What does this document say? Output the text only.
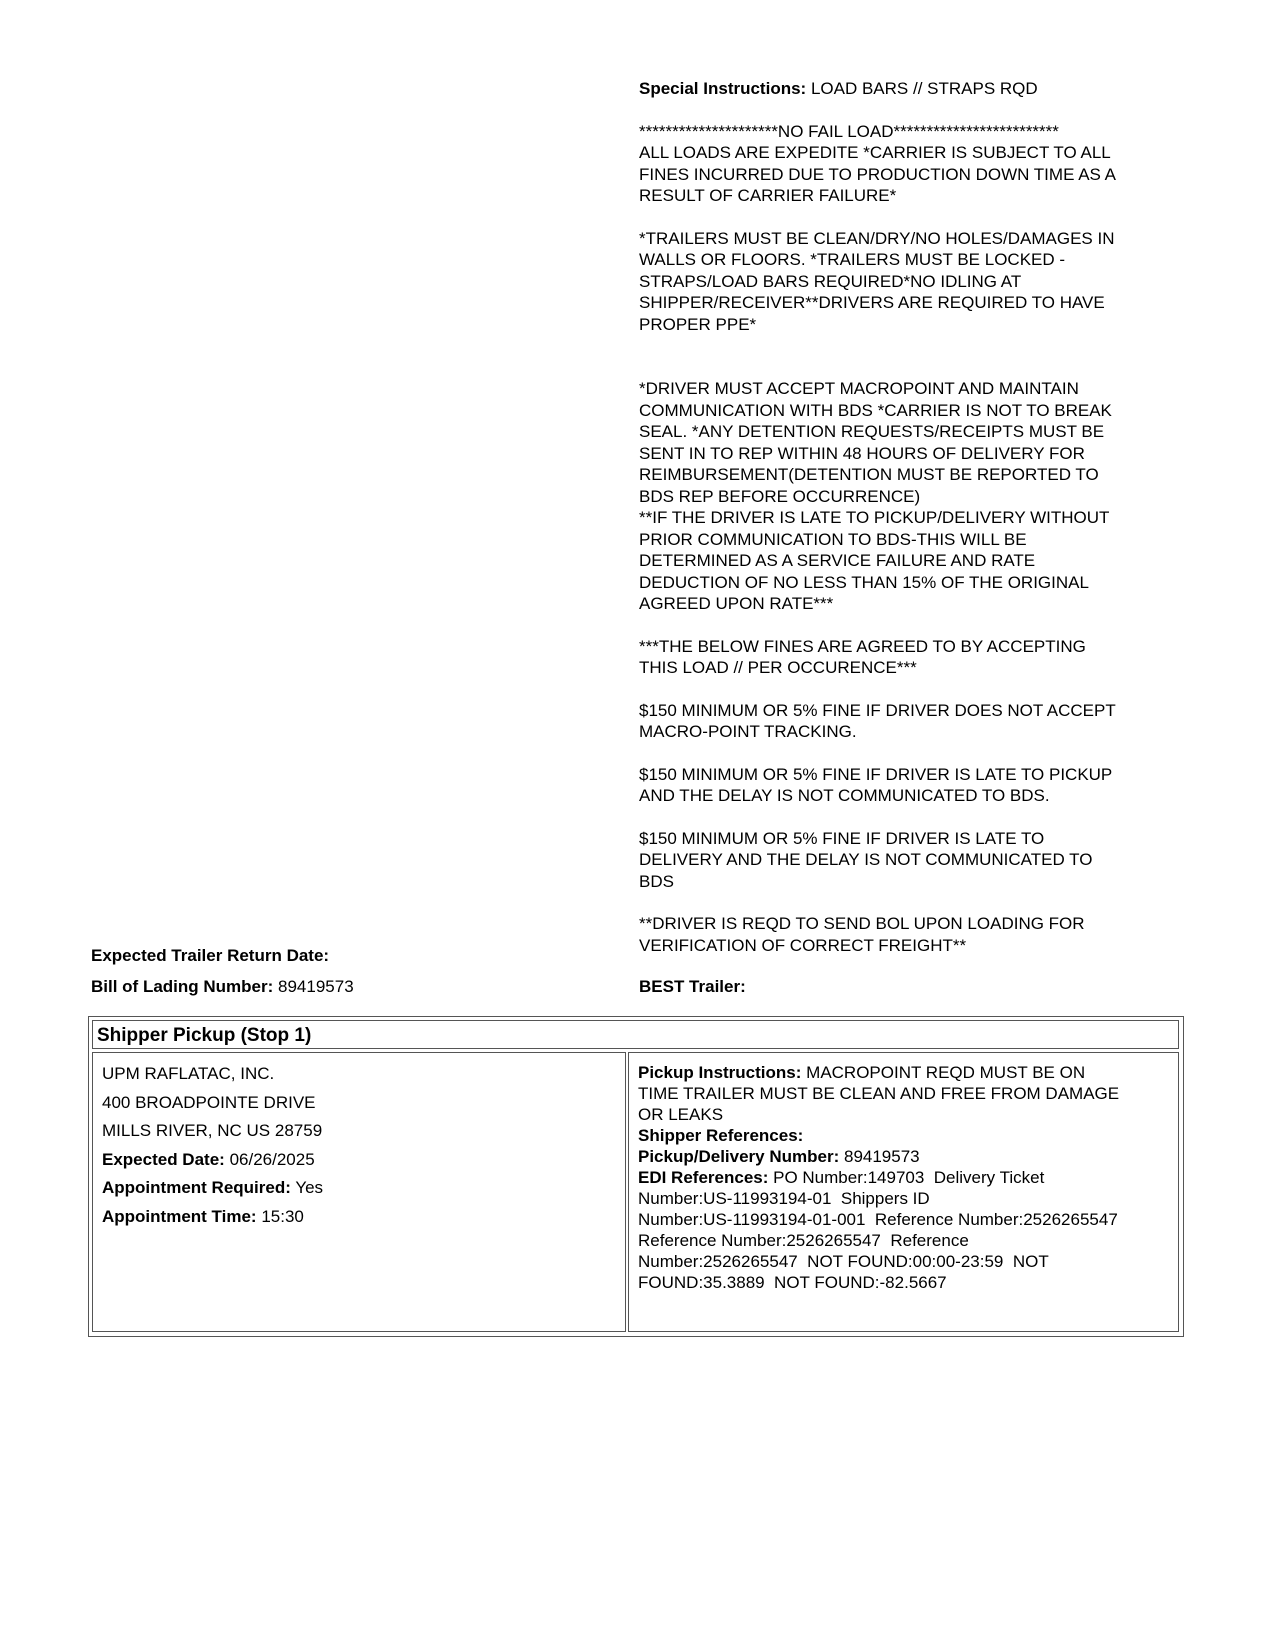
Special Instructions: LOAD BARS // STRAPS RQD

*********************NO FAIL LOAD*************************

ALL LOADS ARE EXPEDITE *CARRIER IS SUBJECT TO ALL

FINES INCURRED DUE TO PRODUCTION DOWN TIME AS A

RESULT OF CARRIER FAILURE*

*TRAILERS MUST BE CLEAN/DRY/NO HOLES/DAMAGES IN

WALLS OR FLOORS. *TRAILERS MUST BE LOCKED -

STRAPS/LOAD BARS REQUIRED*NO IDLING AT

SHIPPER/RECEIVER**DRIVERS ARE REQUIRED TO HAVE

PROPER PPE*

*DRIVER MUST ACCEPT MACROPOINT AND MAINTAIN

COMMUNICATION WITH BDS *CARRIER IS NOT TO BREAK

SEAL. *ANY DETENTION REQUESTS/RECEIPTS MUST BE

SENT IN TO REP WITHIN 48 HOURS OF DELIVERY FOR

REIMBURSEMENT(DETENTION MUST BE REPORTED TO

BDS REP BEFORE OCCURRENCE)

**IF THE DRIVER IS LATE TO PICKUP/DELIVERY WITHOUT

PRIOR COMMUNICATION TO BDS-THIS WILL BE

DETERMINED AS A SERVICE FAILURE AND RATE

DEDUCTION OF NO LESS THAN 15% OF THE ORIGINAL

AGREED UPON RATE***

***THE BELOW FINES ARE AGREED TO BY ACCEPTING

THIS LOAD // PER OCCURENCE***

$150 MINIMUM OR 5% FINE IF DRIVER DOES NOT ACCEPT

MACRO-POINT TRACKING.

$150 MINIMUM OR 5% FINE IF DRIVER IS LATE TO PICKUP

AND THE DELAY IS NOT COMMUNICATED TO BDS.

$150 MINIMUM OR 5% FINE IF DRIVER IS LATE TO

DELIVERY AND THE DELAY IS NOT COMMUNICATED TO

BDS

**DRIVER IS REQD TO SEND BOL UPON LOADING FOR

VERIFICATION OF CORRECT FREIGHT**

Expected Trailer Return Date:
Bill of Lading Number: 89419573	BEST Trailer:
Shipper Pickup (Stop 1)
UPM RAFLATAC, INC.
400 BROADPOINTE DRIVE
MILLS RIVER, NC US 28759
Expected Date: 06/26/2025
Appointment Required: Yes
Appointment Time: 15:30
Pickup Instructions: MACROPOINT REQD MUST BE ON
TIME TRAILER MUST BE CLEAN AND FREE FROM DAMAGE
OR LEAKS
Shipper References:
Pickup/Delivery Number: 89419573
EDI References: PO Number:149703  Delivery Ticket
Number:US-11993194-01  Shippers ID
Number:US-11993194-01-001  Reference Number:2526265547
Reference Number:2526265547  Reference
Number:2526265547  NOT FOUND:00:00-23:59  NOT
FOUND:35.3889  NOT FOUND:-82.5667
